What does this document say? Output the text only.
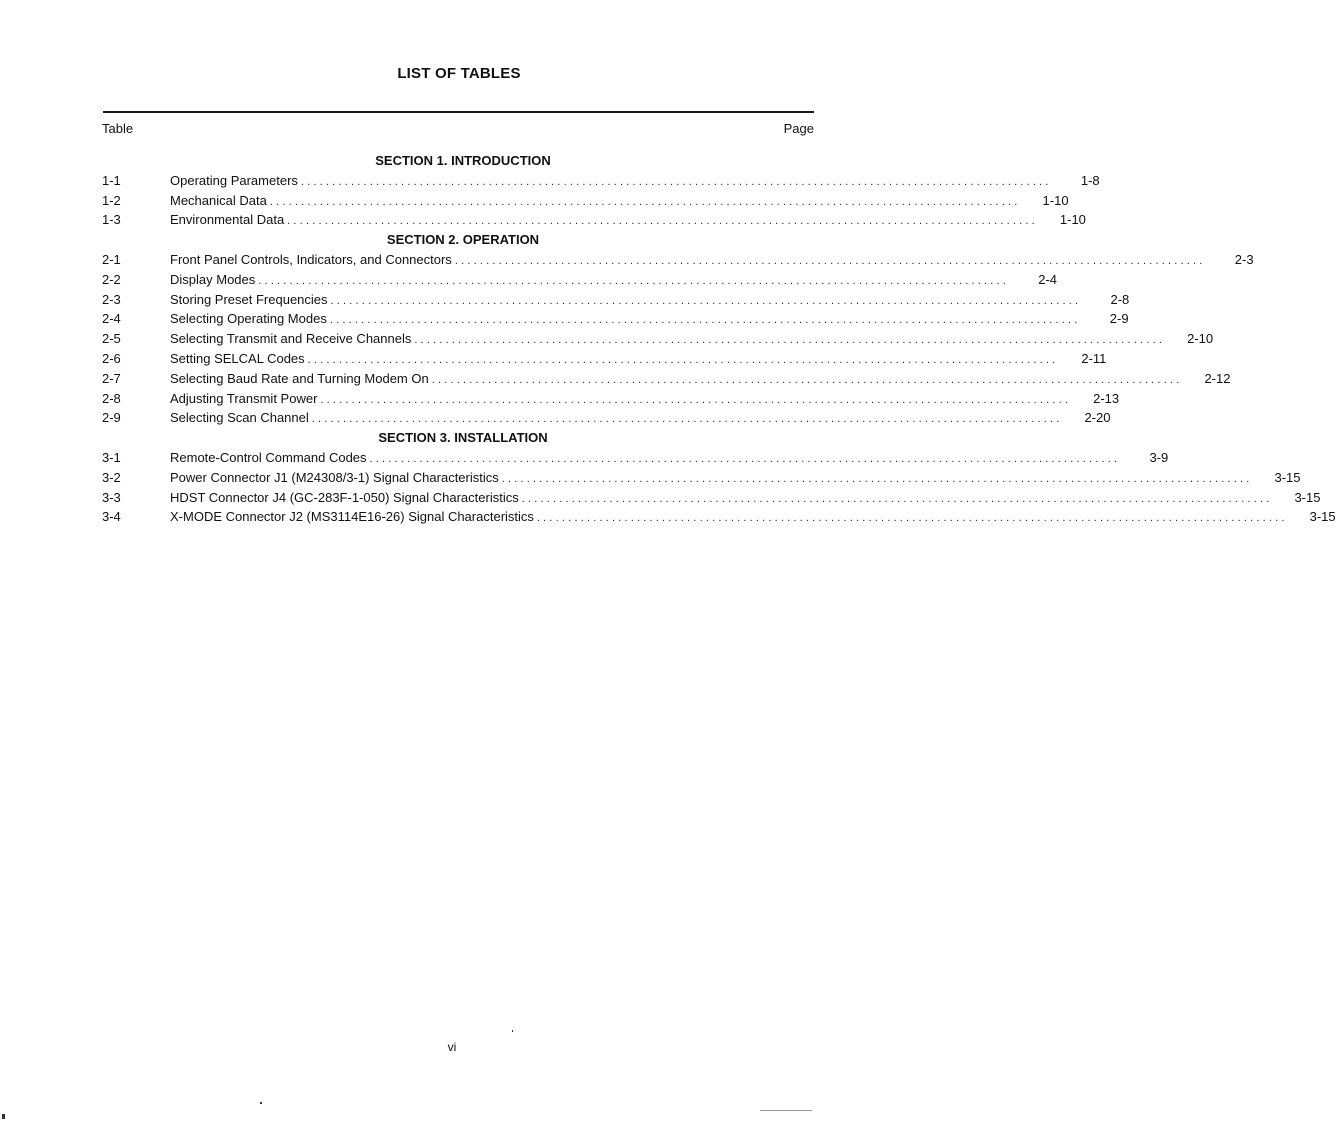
LIST OF TABLES
Table	Page
SECTION 1. INTRODUCTION
1-1	Operating Parameters ........................................................................................................................	1-8
1-2	Mechanical Data ........................................................................................................................	1-10
1-3	Environmental Data ........................................................................................................................	1-10
SECTION 2. OPERATION
2-1	Front Panel Controls, Indicators, and Connectors ........................................................................................................................	2-3
2-2	Display Modes ........................................................................................................................	2-4
2-3	Storing Preset Frequencies ........................................................................................................................	2-8
2-4	Selecting Operating Modes ........................................................................................................................	2-9
2-5	Selecting Transmit and Receive Channels ........................................................................................................................	2-10
2-6	Setting SELCAL Codes ........................................................................................................................	2-11
2-7	Selecting Baud Rate and Turning Modem On ........................................................................................................................	2-12
2-8	Adjusting Transmit Power ........................................................................................................................	2-13
2-9	Selecting Scan Channel ........................................................................................................................	2-20
SECTION 3. INSTALLATION
3-1	Remote-Control Command Codes ........................................................................................................................	3-9
3-2	Power Connector J1 (M24308/3-1) Signal Characteristics ........................................................................................................................	3-15
3-3	HDST Connector J4 (GC-283F-1-050) Signal Characteristics ........................................................................................................................	3-15
3-4	X-MODE Connector J2 (MS3114E16-26) Signal Characteristics ........................................................................................................................	3-15
vi
